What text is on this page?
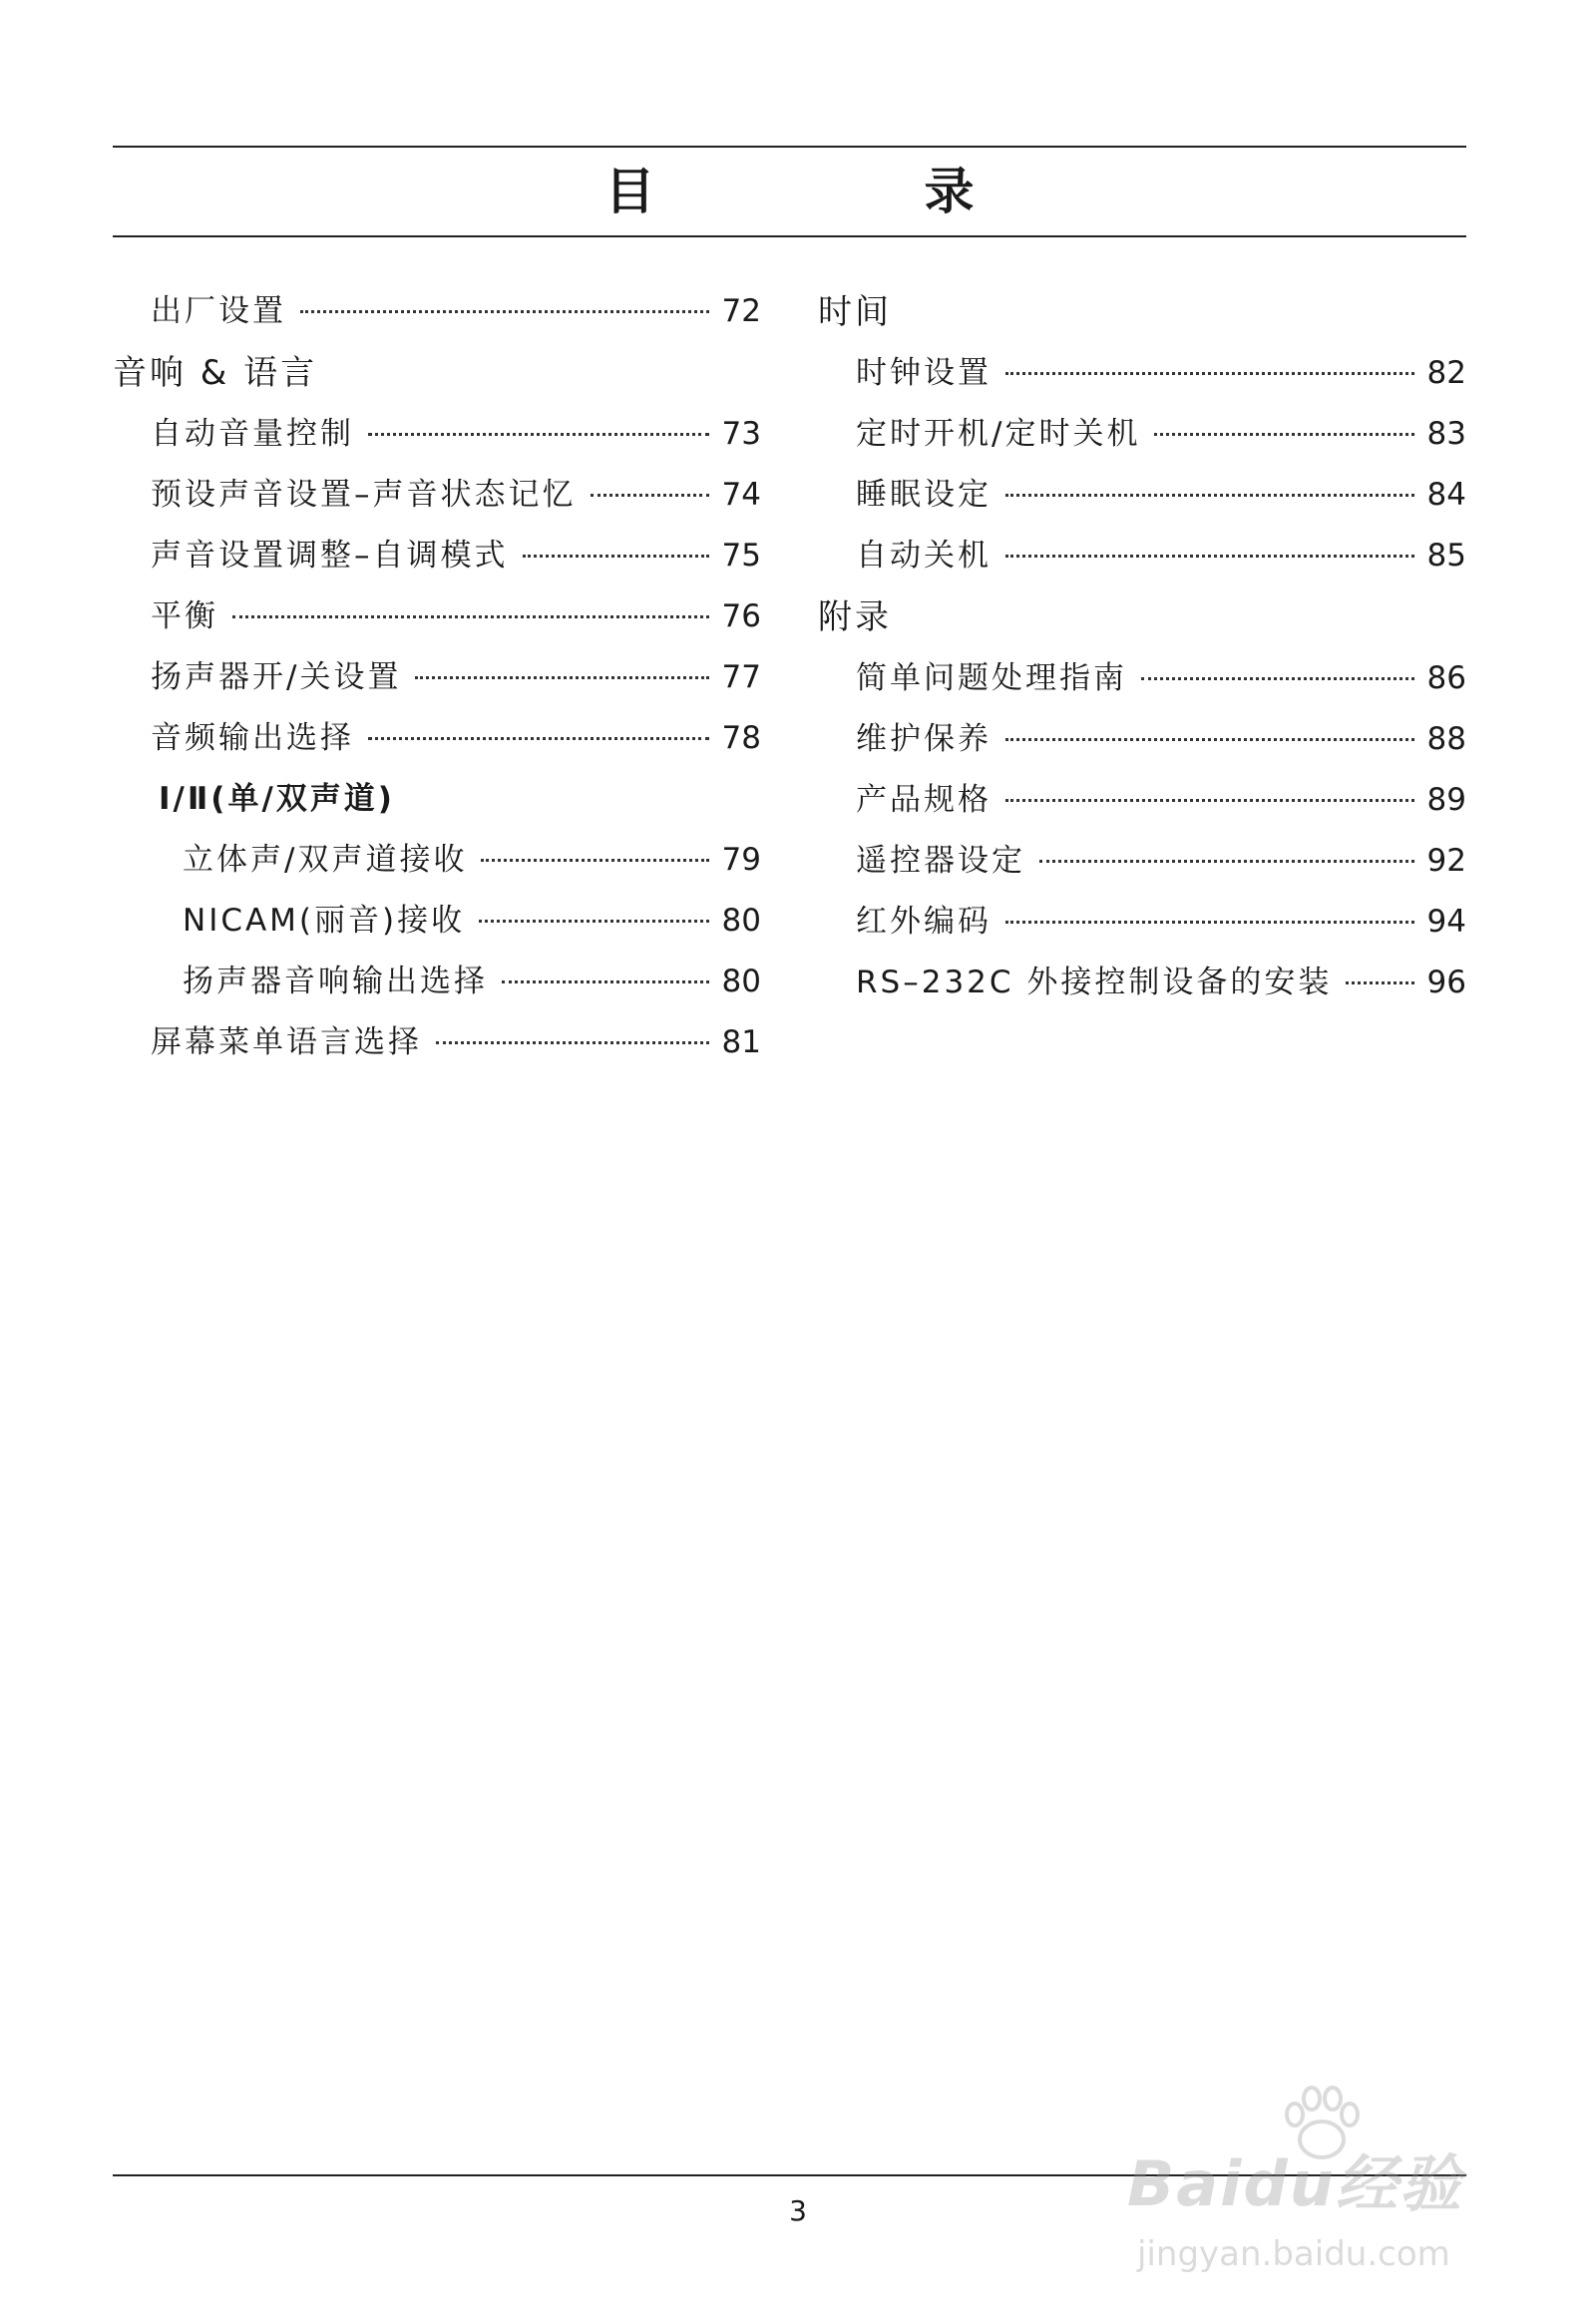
目　录
出厂设置	72
音响 & 语言
自动音量控制	73
预设声音设置–声音状态记忆	74
声音设置调整–自调模式	75
平衡	76
扬声器开/关设置	77
音频输出选择	78
Ⅰ/Ⅱ(单/双声道)
立体声/双声道接收	79
NICAM(丽音)接收	80
扬声器音响输出选择	80
屏幕菜单语言选择	81
时间
时钟设置	82
定时开机/定时关机	83
睡眠设定	84
自动关机	85
附录
简单问题处理指南	86
维护保养	88
产品规格	89
遥控器设定	92
红外编码	94
RS–232C 外接控制设备的安装	96
3	Baidu经验
jingyan.baidu.com
